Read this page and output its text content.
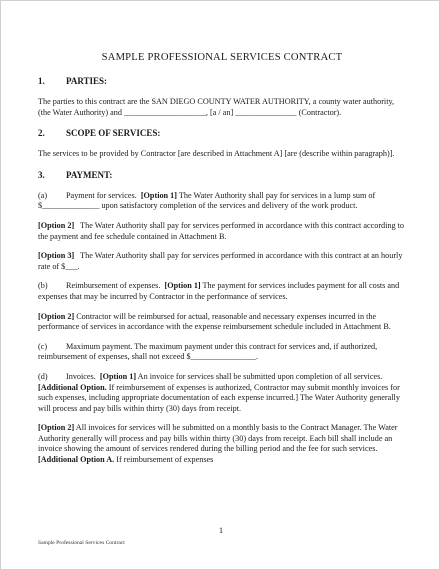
SAMPLE PROFESSIONAL SERVICES CONTRACT
1. PARTIES:

The parties to this contract are the SAN DIEGO COUNTY WATER AUTHORITY, a county water authority, (the Water Authority) and ____________________, [a / an] _______________ (Contractor).

2. SCOPE OF SERVICES:

The services to be provided by Contractor [are described in Attachment A] [are (describe within paragraph)].

3. PAYMENT:

(a) Payment for services. [Option 1] The Water Authority shall pay for services in a lump sum of $______________ upon satisfactory completion of the services and delivery of the work product.

[Option 2] The Water Authority shall pay for services performed in accordance with this contract according to the payment and fee schedule contained in Attachment B.

[Option 3] The Water Authority shall pay for services performed in accordance with this contract at an hourly rate of $___.

(b) Reimbursement of expenses. [Option 1] The payment for services includes payment for all costs and expenses that may be incurred by Contractor in the performance of services.

[Option 2] Contractor will be reimbursed for actual, reasonable and necessary expenses incurred in the performance of services in accordance with the expense reimbursement schedule included in Attachment B.

(c) Maximum payment. The maximum payment under this contract for services and, if authorized, reimbursement of expenses, shall not exceed $________________.

(d) Invoices. [Option 1] An invoice for services shall be submitted upon completion of all services. [Additional Option. If reimbursement of expenses is authorized, Contractor may submit monthly invoices for such expenses, including appropriate documentation of each expense incurred.] The Water Authority generally will process and pay bills within thirty (30) days from receipt.

[Option 2] All invoices for services will be submitted on a monthly basis to the Contract Manager. The Water Authority generally will process and pay bills within thirty (30) days from receipt. Each bill shall include an invoice showing the amount of services rendered during the billing period and the fee for such services.  [Additional Option A. If reimbursement of expenses

1
Sample Professional Services Contract
